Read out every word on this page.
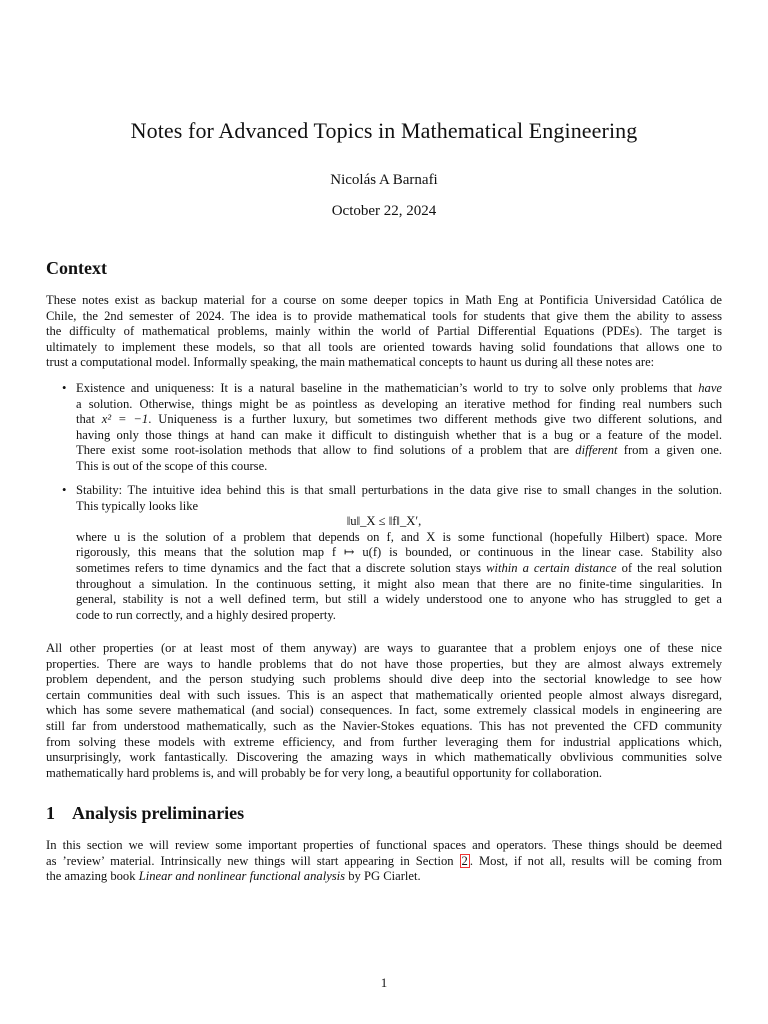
Notes for Advanced Topics in Mathematical Engineering
Nicolás A Barnafi
October 22, 2024
Context
These notes exist as backup material for a course on some deeper topics in Math Eng at Pontificia Universidad Católica de
Chile, the 2nd semester of 2024. The idea is to provide mathematical tools for students that give them the ability to assess
the difficulty of mathematical problems, mainly within the world of Partial Differential Equations (PDEs). The target is
ultimately to implement these models, so that all tools are oriented towards having solid foundations that allows one to
trust a computational model. Informally speaking, the main mathematical concepts to haunt us during all these notes are:
• Existence and uniqueness: It is a natural baseline in the mathematician’s world to try to solve only problems that have
a solution. Otherwise, things might be as pointless as developing an iterative method for finding real numbers such
that x² = −1. Uniqueness is a further luxury, but sometimes two different methods give two different solutions, and
having only those things at hand can make it difficult to distinguish whether that is a bug or a feature of the model.
There exist some root-isolation methods that allow to find solutions of a problem that are different from a given one.
This is out of the scope of this course.
• Stability: The intuitive idea behind this is that small perturbations in the data give rise to small changes in the solution.
This typically looks like
‖u‖_X ≤ ‖f‖_X′,
where u is the solution of a problem that depends on f, and X is some functional (hopefully Hilbert) space. More
rigorously, this means that the solution map f ↦ u(f) is bounded, or continuous in the linear case. Stability also
sometimes refers to time dynamics and the fact that a discrete solution stays within a certain distance of the real solution
throughout a simulation. In the continuous setting, it might also mean that there are no finite-time singularities. In
general, stability is not a well defined term, but still a widely understood one to anyone who has struggled to get a
code to run correctly, and a highly desired property.
All other properties (or at least most of them anyway) are ways to guarantee that a problem enjoys one of these nice
properties. There are ways to handle problems that do not have those properties, but they are almost always extremely
problem dependent, and the person studying such problems should dive deep into the sectorial knowledge to see how
certain communities deal with such issues. This is an aspect that mathematically oriented people almost always disregard,
which has some severe mathematical (and social) consequences. In fact, some extremely classical models in engineering are
still far from understood mathematically, such as the Navier-Stokes equations. This has not prevented the CFD community
from solving these models with extreme efficiency, and from further leveraging them for industrial applications which,
unsurprisingly, work fantastically. Discovering the amazing ways in which mathematically obvlivious communities solve
mathematically hard problems is, and will probably be for very long, a beautiful opportunity for collaboration.
1 Analysis preliminaries
In this section we will review some important properties of functional spaces and operators. These things should be deemed
as ’review’ material. Intrinsically new things will start appearing in Section 2 . Most, if not all, results will be coming from
the amazing book Linear and nonlinear functional analysis by PG Ciarlet.
1
